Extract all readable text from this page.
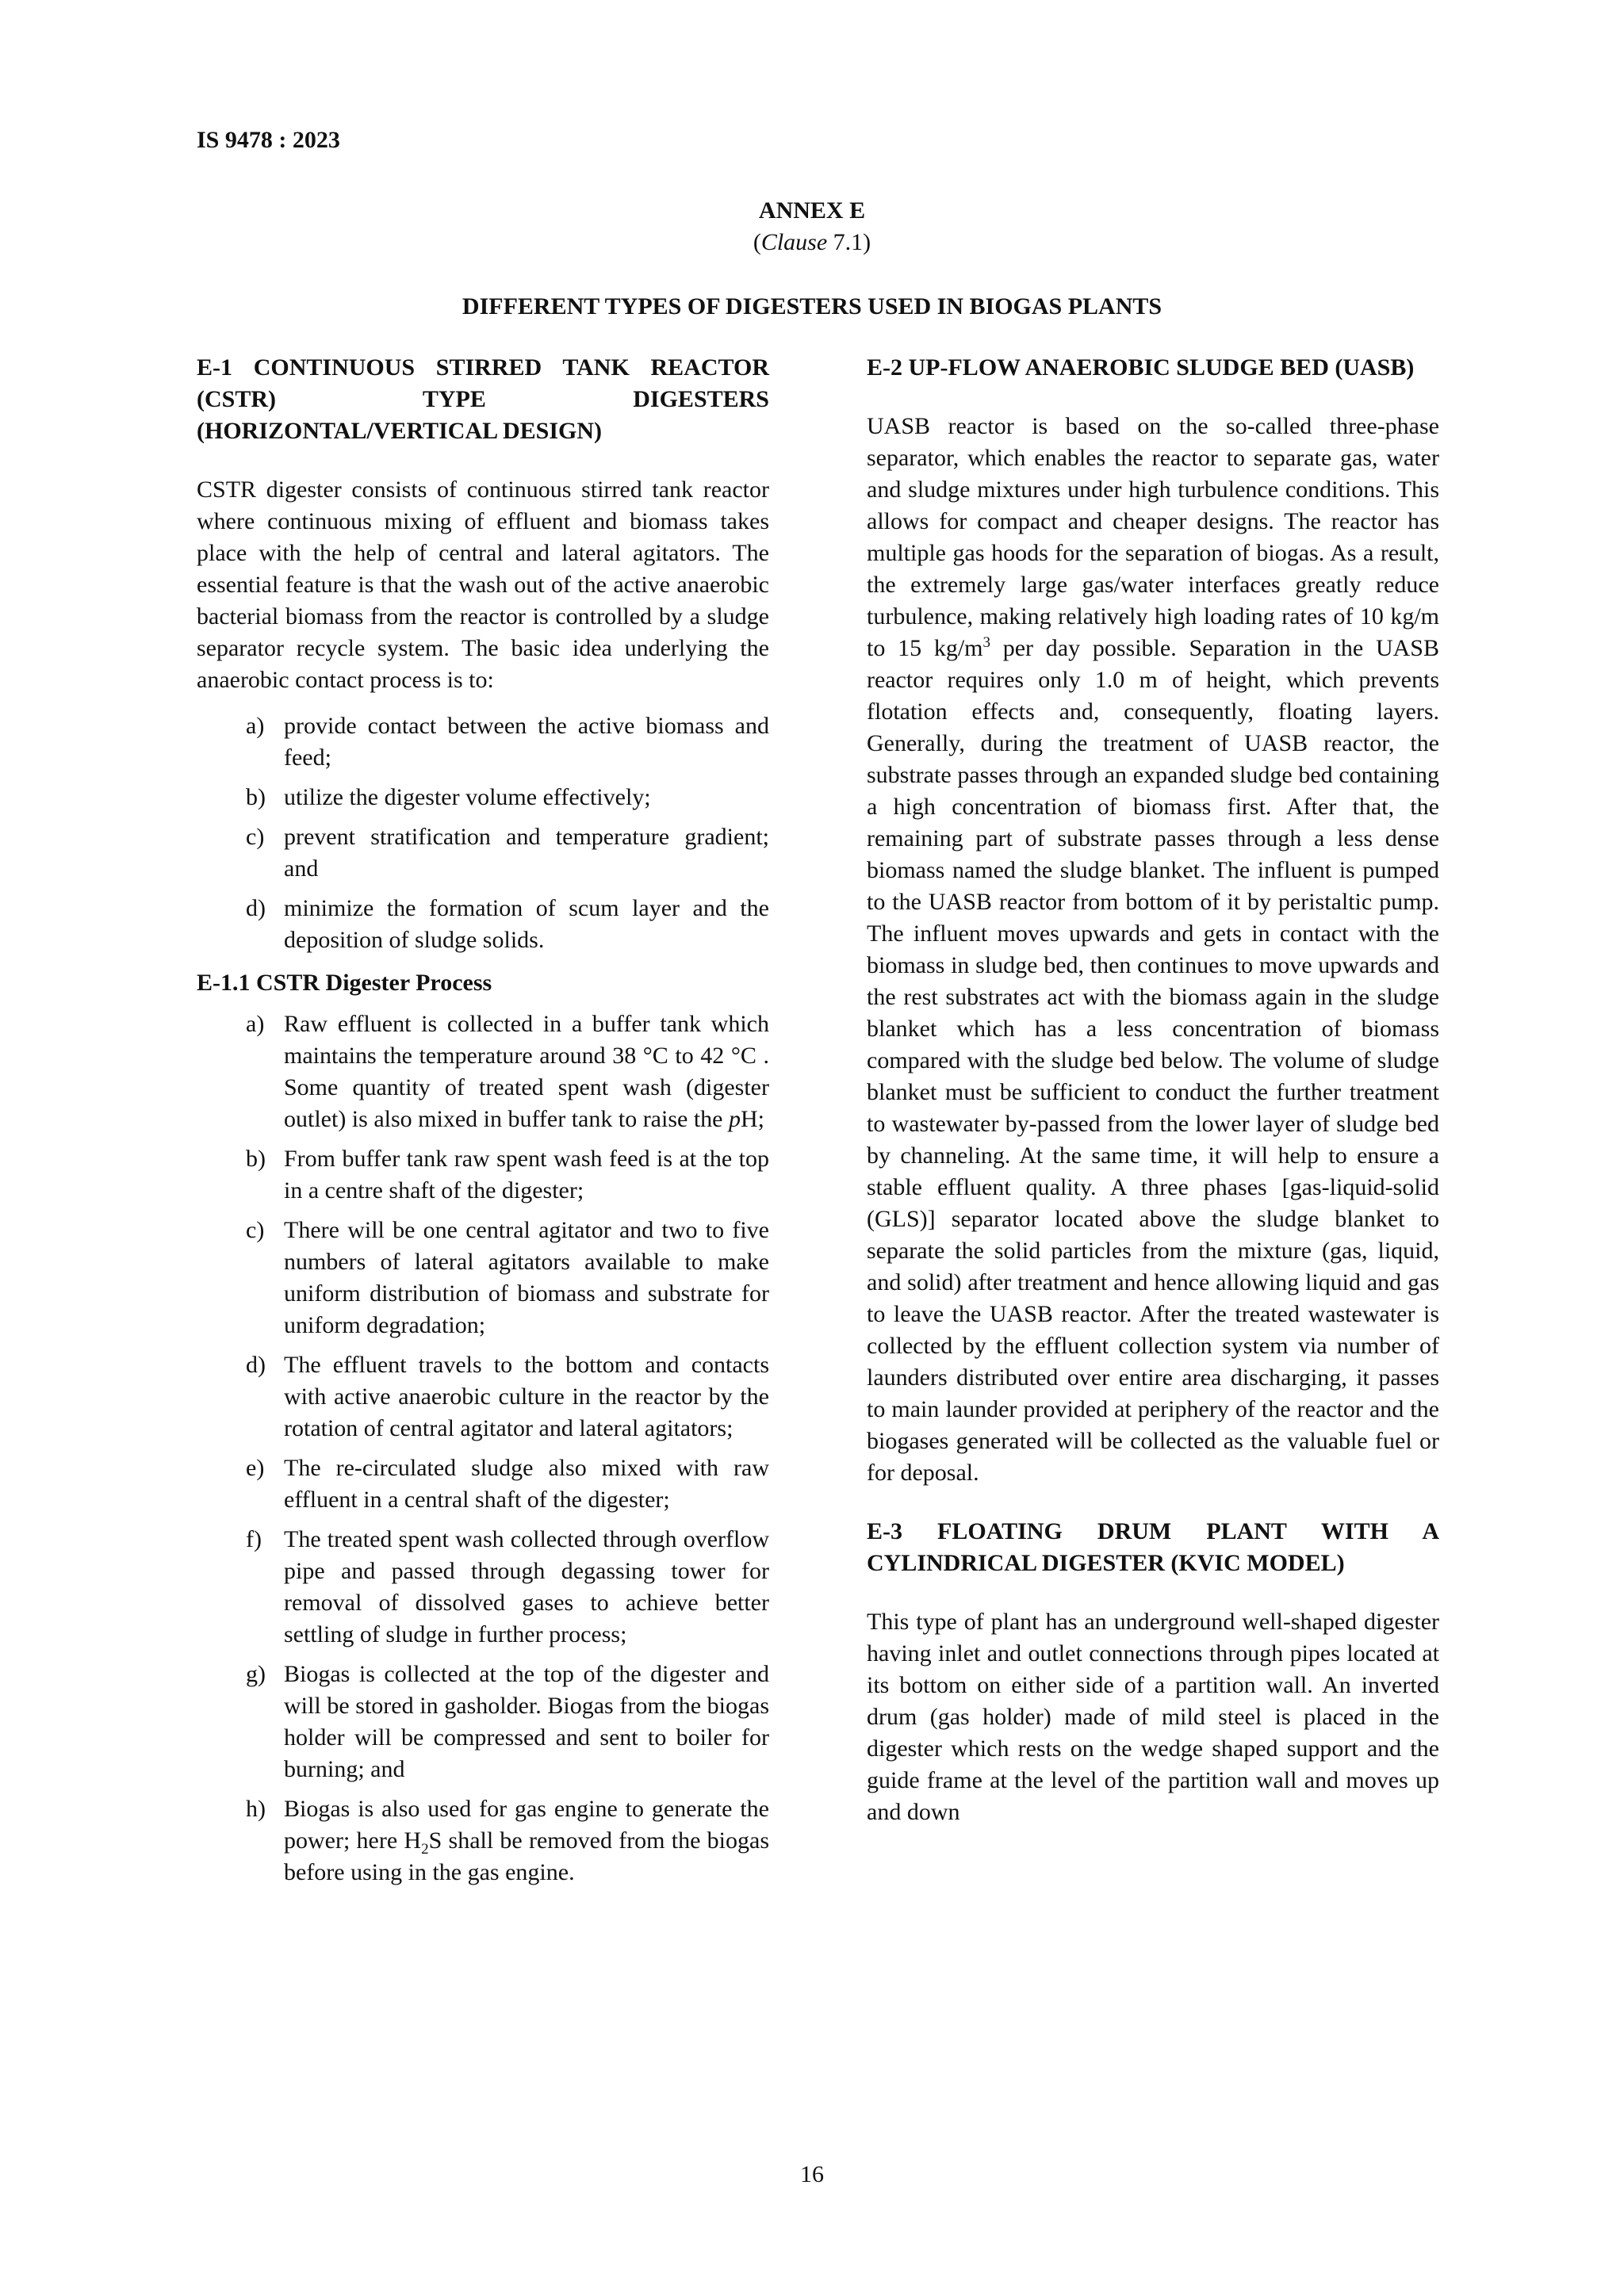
IS 9478 : 2023
ANNEX E
(Clause 7.1)
DIFFERENT TYPES OF DIGESTERS USED IN BIOGAS PLANTS
E-1 CONTINUOUS STIRRED TANK REACTOR (CSTR) TYPE DIGESTERS (HORIZONTAL/VERTICAL DESIGN)

CSTR digester consists of continuous stirred tank reactor where continuous mixing of effluent and biomass takes place with the help of central and lateral agitators. The essential feature is that the wash out of the active anaerobic bacterial biomass from the reactor is controlled by a sludge separator recycle system. The basic idea underlying the anaerobic contact process is to:

a) provide contact between the active biomass and feed;
b) utilize the digester volume effectively;
c) prevent stratification and temperature gradient; and
d) minimize the formation of scum layer and the deposition of sludge solids.
E-1.1 CSTR Digester Process
a) Raw effluent is collected in a buffer tank which maintains the temperature around 38 °C to 42 °C . Some quantity of treated spent wash (digester outlet) is also mixed in buffer tank to raise the pH;
b) From buffer tank raw spent wash feed is at the top in a centre shaft of the digester;
c) There will be one central agitator and two to five numbers of lateral agitators available to make uniform distribution of biomass and substrate for uniform degradation;
d) The effluent travels to the bottom and contacts with active anaerobic culture in the reactor by the rotation of central agitator and lateral agitators;
e) The re-circulated sludge also mixed with raw effluent in a central shaft of the digester;
f) The treated spent wash collected through overflow pipe and passed through degassing tower for removal of dissolved gases to achieve better settling of sludge in further process;
g) Biogas is collected at the top of the digester and will be stored in gasholder. Biogas from the biogas holder will be compressed and sent to boiler for burning; and
h) Biogas is also used for gas engine to generate the power; here $H_2S$ shall be removed from the biogas before using in the gas engine.
E-2 UP-FLOW ANAEROBIC SLUDGE BED (UASB)

UASB reactor is based on the so-called three-phase separator, which enables the reactor to separate gas, water and sludge mixtures under high turbulence conditions. This allows for compact and cheaper designs. The reactor has multiple gas hoods for the separation of biogas. As a result, the extremely large gas/water interfaces greatly reduce turbulence, making relatively high loading rates of 10 kg/m to 15 $kg/m^3$ per day possible. Separation in the UASB reactor requires only 1.0 m of height, which prevents flotation effects and, consequently, floating layers. Generally, during the treatment of UASB reactor, the substrate passes through an expanded sludge bed containing a high concentration of biomass first. After that, the remaining part of substrate passes through a less dense biomass named the sludge blanket. The influent is pumped to the UASB reactor from bottom of it by peristaltic pump. The influent moves upwards and gets in contact with the biomass in sludge bed, then continues to move upwards and the rest substrates act with the biomass again in the sludge blanket which has a less concentration of biomass compared with the sludge bed below. The volume of sludge blanket must be sufficient to conduct the further treatment to wastewater by-passed from the lower layer of sludge bed by channeling. At the same time, it will help to ensure a stable effluent quality. A three phases [gas-liquid-solid (GLS)] separator located above the sludge blanket to separate the solid particles from the mixture (gas, liquid, and solid) after treatment and hence allowing liquid and gas to leave the UASB reactor. After the treated wastewater is collected by the effluent collection system via number of launders distributed over entire area discharging, it passes to main launder provided at periphery of the reactor and the biogases generated will be collected as the valuable fuel or for deposal.

E-3 FLOATING DRUM PLANT WITH A CYLINDRICAL DIGESTER (KVIC MODEL)

This type of plant has an underground well-shaped digester having inlet and outlet connections through pipes located at its bottom on either side of a partition wall. An inverted drum (gas holder) made of mild steel is placed in the digester which rests on the wedge shaped support and the guide frame at the level of the partition wall and moves up and down

16
